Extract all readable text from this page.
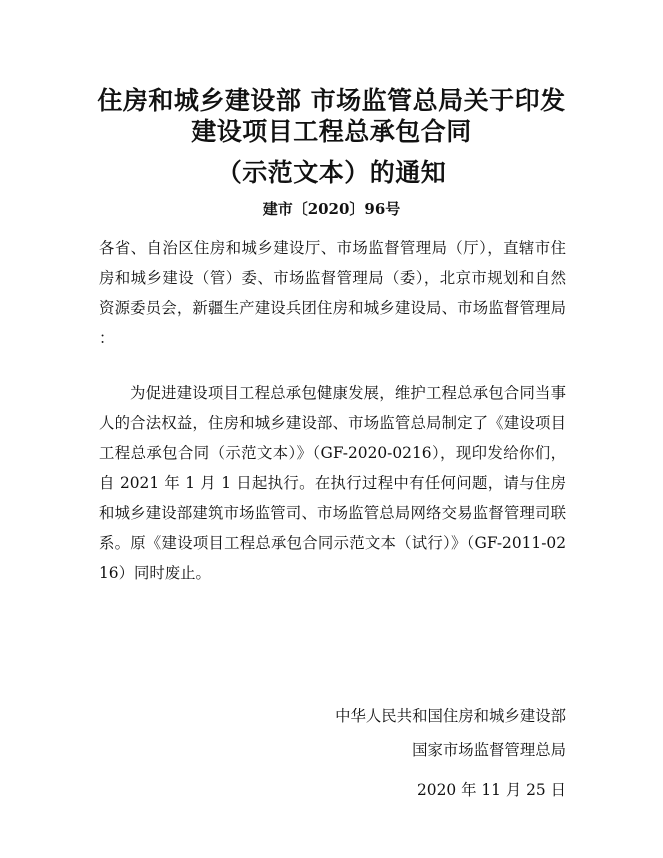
住房和城乡建设部 市场监管总局关于印发
建设项目工程总承包合同
（示范文本）的通知
建市〔2020〕96号
各省、自治区住房和城乡建设厅、市场监督管理局（厅），直辖市住房和城乡建设（管）委、市场监督管理局（委），北京市规划和自然资源委员会，新疆生产建设兵团住房和城乡建设局、市场监督管理局：
为促进建设项目工程总承包健康发展，维护工程总承包合同当事人的合法权益，住房和城乡建设部、市场监管总局制定了《建设项目工程总承包合同（示范文本）》（GF-2020-0216），现印发给你们，自 2021 年 1 月 1 日起执行。在执行过程中有任何问题，请与住房和城乡建设部建筑市场监管司、市场监管总局网络交易监督管理司联系。原《建设项目工程总承包合同示范文本（试行）》（GF-2011-0216）同时废止。
中华人民共和国住房和城乡建设部
国家市场监督管理总局
2020 年 11 月 25 日
